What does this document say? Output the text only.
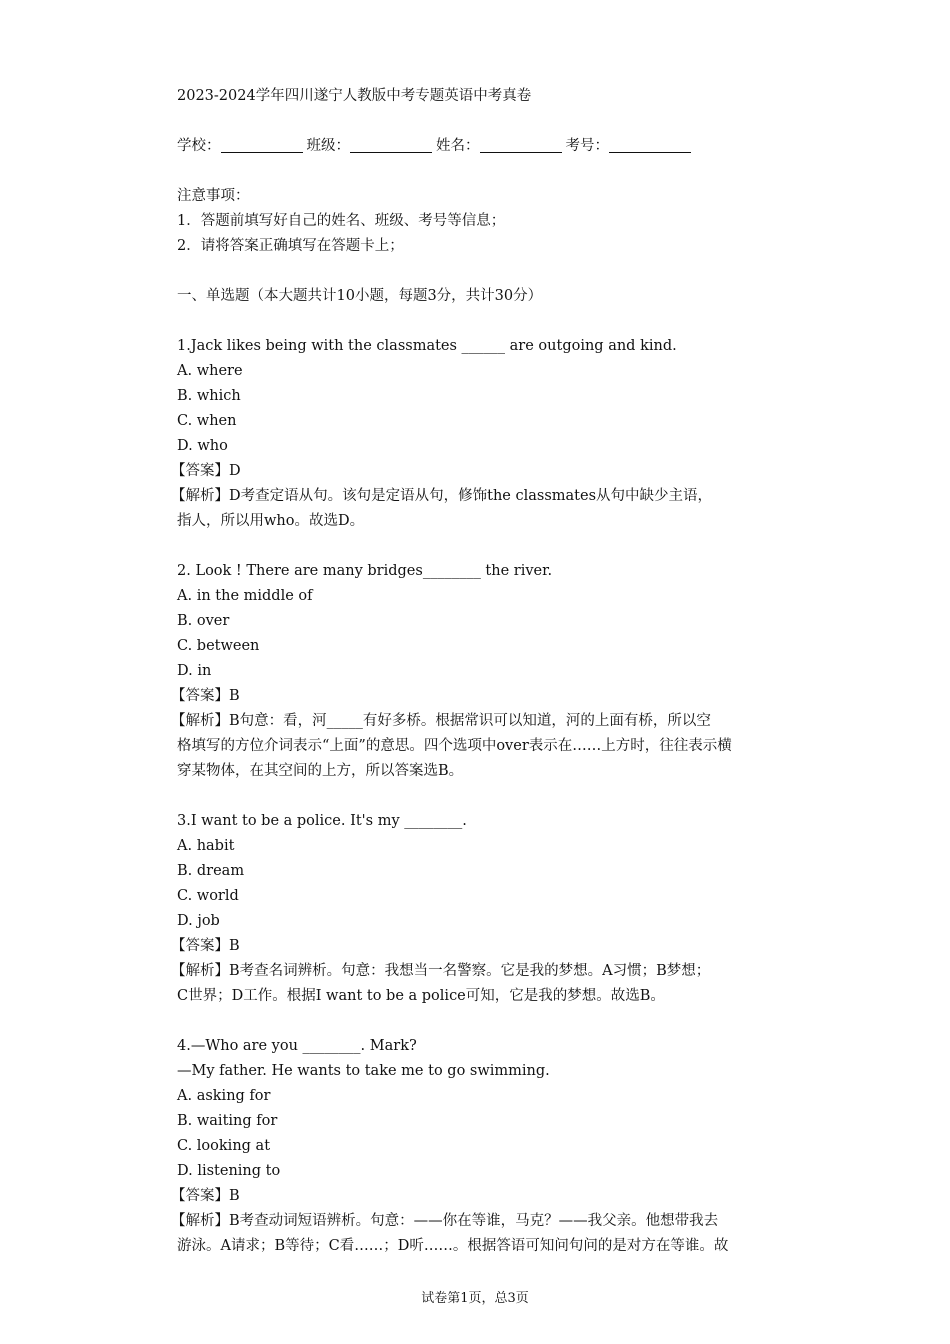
2023-2024学年四川遂宁人教版中考专题英语中考真卷

学校：	班级：	姓名：	考号：

注意事项：

1．答题前填写好自己的姓名、班级、考号等信息；

2．请将答案正确填写在答题卡上；

一、单选题（本大题共计10小题，每题3分，共计30分）

1.Jack likes being with the classmates ______ are outgoing and kind.

A. where

B. which

C. when

D. who

【答案】D

【解析】D考查定语从句。该句是定语从句，修饰the classmates从句中缺少主语，

指人，所以用who。故选D。

2. Look ! There are many bridges________ the river.

A. in the middle of

B. over

C. between

D. in

【答案】B

【解析】B句意：看，河_____有好多桥。根据常识可以知道，河的上面有桥，所以空

格填写的方位介词表示“上面”的意思。四个选项中over表示在……上方时，往往表示横

穿某物体，在其空间的上方，所以答案选B。

3.I want to be a police. It's my ________.

A. habit

B. dream

C. world

D. job

【答案】B

【解析】B考查名词辨析。句意：我想当一名警察。它是我的梦想。A习惯；B梦想；

C世界；D工作。根据I want to be a police可知，它是我的梦想。故选B。

4.—Who are you ________. Mark?

—My father. He wants to take me to go swimming.

A. asking for

B. waiting for

C. looking at

D. listening to

【答案】B

【解析】B考查动词短语辨析。句意：——你在等谁，马克？——我父亲。他想带我去

游泳。A请求；B等待；C看……；D听……。根据答语可知问句问的是对方在等谁。故

试卷第1页，总3页
